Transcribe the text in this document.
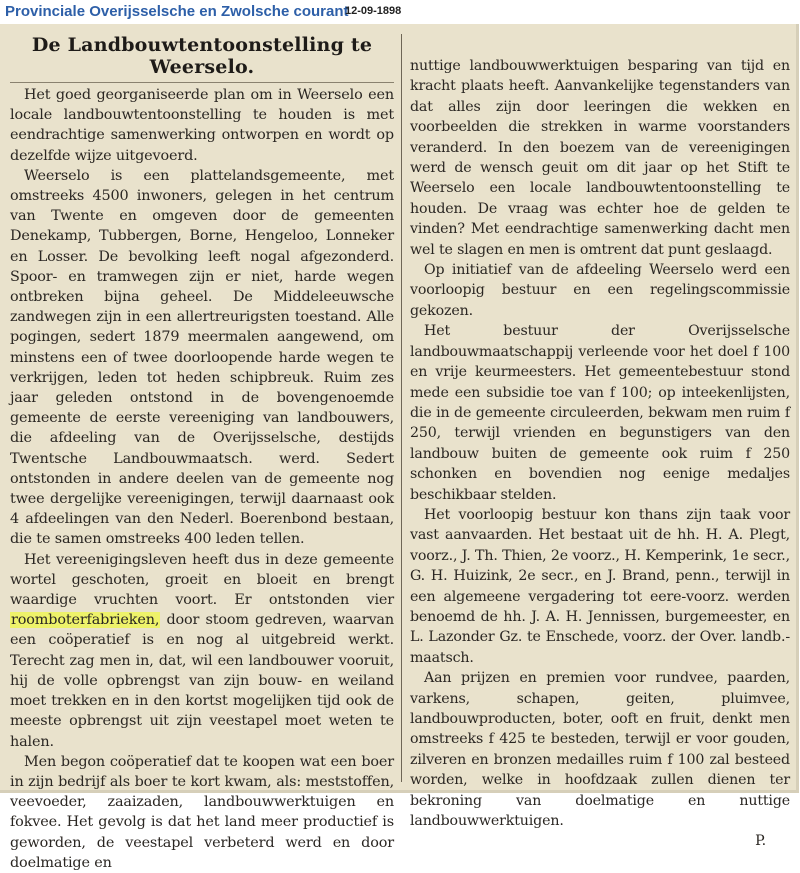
Provinciale Overijsselsche en Zwolsche courant
12-09-1898
De Landbouwtentoonstelling te Weerselo.

Het goed georganiseerde plan om in Weerselo een locale landbouwtentoonstelling te houden is met eendrachtige samenwerking ontworpen en wordt op dezelfde wijze uitgevoerd.

Weerselo is een plattelandsgemeente, met omstreeks 4500 inwoners, gelegen in het centrum van Twente en omgeven door de gemeenten Denekamp, Tubbergen, Borne, Hengeloo, Lonneker en Losser. De bevolking leeft nogal afgezonderd. Spoor- en tramwegen zijn er niet, harde wegen ontbreken bijna geheel. De Middeleeuwsche zandwegen zijn in een allertreurigsten toestand. Alle pogingen, sedert 1879 meermalen aangewend, om minstens een of twee doorloopende harde wegen te verkrijgen, leden tot heden schipbreuk. Ruim zes jaar geleden ontstond in de bovengenoemde gemeente de eerste vereeniging van landbouwers, die afdeeling van de Overijsselsche, destijds Twentsche Landbouwmaatsch. werd. Sedert ontstonden in andere deelen van de gemeente nog twee dergelijke vereenigingen, terwijl daarnaast ook 4 afdeelingen van den Nederl. Boerenbond bestaan, die te samen omstreeks 400 leden tellen.

Het vereenigingsleven heeft dus in deze gemeente wortel geschoten, groeit en bloeit en brengt waardige vruchten voort. Er ontstonden vier roomboterfabrieken, door stoom gedreven, waarvan een coöperatief is en nog al uitgebreid werkt. Terecht zag men in, dat, wil een landbouwer vooruit, hij de volle opbrengst van zijn bouw- en weiland moet trekken en in den kortst mogelijken tijd ook de meeste opbrengst uit zijn veestapel moet weten te halen.

Men begon coöperatief dat te koopen wat een boer in zijn bedrijf als boer te kort kwam, als: meststoffen, veevoeder, zaaizaden, landbouwwerktuigen en fokvee. Het gevolg is dat het land meer productief is geworden, de veestapel verbeterd werd en door doelmatige en

nuttige landbouwwerktuigen besparing van tijd en kracht plaats heeft. Aanvankelijke tegenstanders van dat alles zijn door leeringen die wekken en voorbeelden die strekken in warme voorstanders veranderd. In den boezem van de vereenigingen werd de wensch geuit om dit jaar op het Stift te Weerselo een locale landbouwtentoonstelling te houden. De vraag was echter hoe de gelden te vinden? Met eendrachtige samenwerking dacht men wel te slagen en men is omtrent dat punt geslaagd.

Op initiatief van de afdeeling Weerselo werd een voorloopig bestuur en een regelingscommissie gekozen.

Het bestuur der Overijsselsche landbouwmaatschappij verleende voor het doel f 100 en vrije keurmeesters. Het gemeentebestuur stond mede een subsidie toe van f 100; op inteekenlijsten, die in de gemeente circuleerden, bekwam men ruim f 250, terwijl vrienden en begunstigers van den landbouw buiten de gemeente ook ruim f 250 schonken en bovendien nog eenige medaljes beschikbaar stelden.

Het voorloopig bestuur kon thans zijn taak voor vast aanvaarden. Het bestaat uit de hh. H. A. Plegt, voorz., J. Th. Thien, 2e voorz., H. Kemperink, 1e secr., G. H. Huizink, 2e secr., en J. Brand, penn., terwijl in een algemeene vergadering tot eere-voorz. werden benoemd de hh. J. A. H. Jennissen, burgemeester, en L. Lazonder Gz. te Enschede, voorz. der Over. landb.-maatsch.

Aan prijzen en premien voor rundvee, paarden, varkens, schapen, geiten, pluimvee, landbouwproducten, boter, ooft en fruit, denkt men omstreeks f 425 te besteden, terwijl er voor gouden, zilveren en bronzen medailles ruim f 100 zal besteed worden, welke in hoofdzaak zullen dienen ter bekroning van doelmatige en nuttige landbouwwerktuigen.

P.
